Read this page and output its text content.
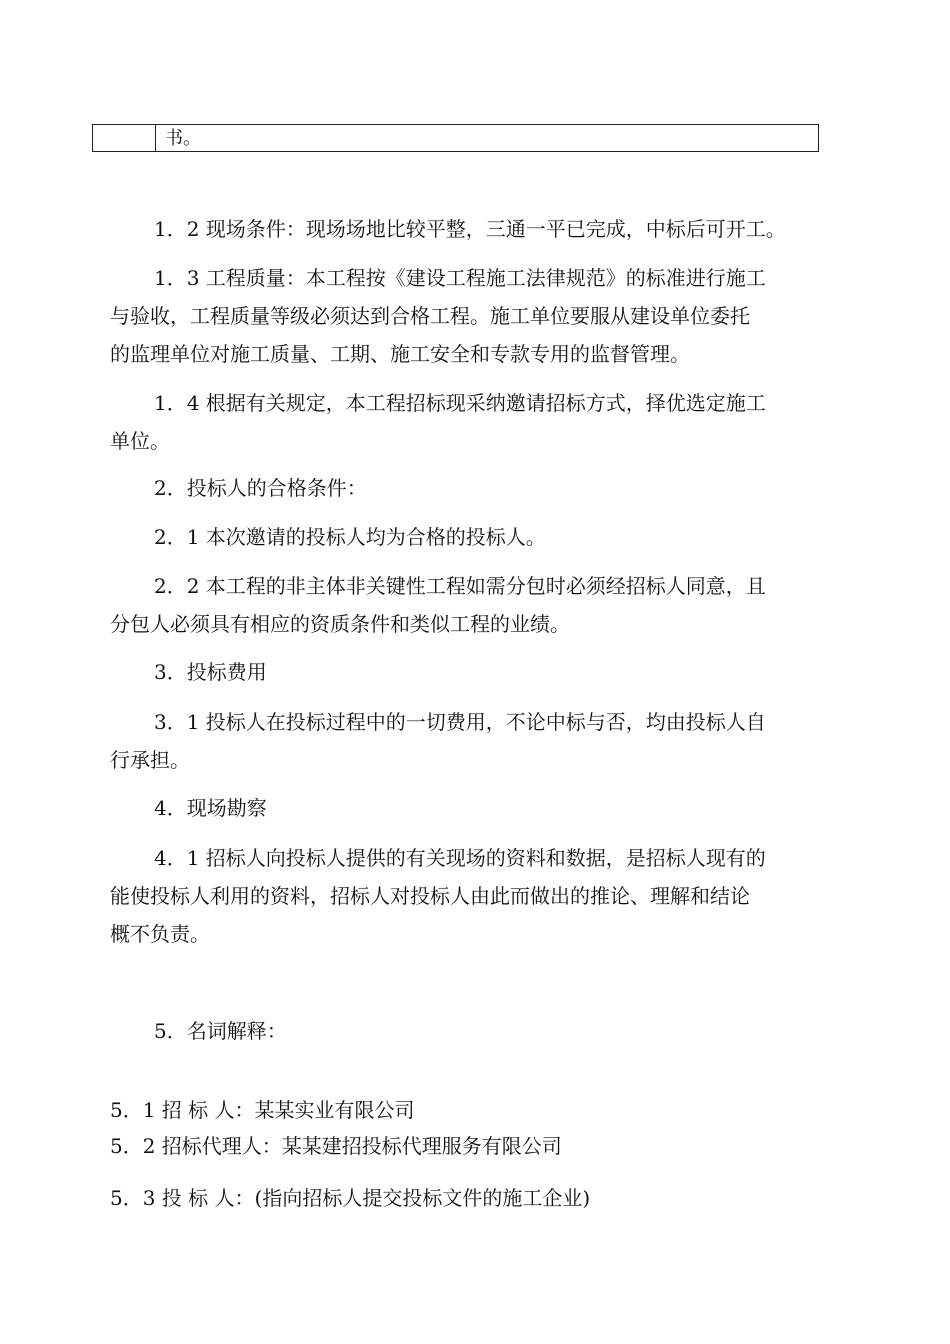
书。

1．2 现场条件：现场场地比较平整，三通一平已完成，中标后可开工。

1．3 工程质量：本工程按《建设工程施工法律规范》的标准进行施工
与验收，工程质量等级必须达到合格工程。施工单位要服从建设单位委托
的监理单位对施工质量、工期、施工安全和专款专用的监督管理。

1．4 根据有关规定，本工程招标现采纳邀请招标方式，择优选定施工
单位。

2．投标人的合格条件：

2．1 本次邀请的投标人均为合格的投标人。

2．2 本工程的非主体非关键性工程如需分包时必须经招标人同意，且
分包人必须具有相应的资质条件和类似工程的业绩。

3．投标费用

3．1 投标人在投标过程中的一切费用，不论中标与否，均由投标人自
行承担。

4．现场勘察

4．1 招标人向投标人提供的有关现场的资料和数据，是招标人现有的
能使投标人利用的资料，招标人对投标人由此而做出的推论、理解和结论
概不负责。

5．名词解释：

5．1 招 标 人：某某实业有限公司

5．2 招标代理人：某某建招投标代理服务有限公司

5．3 投 标 人：(指向招标人提交投标文件的施工企业)
